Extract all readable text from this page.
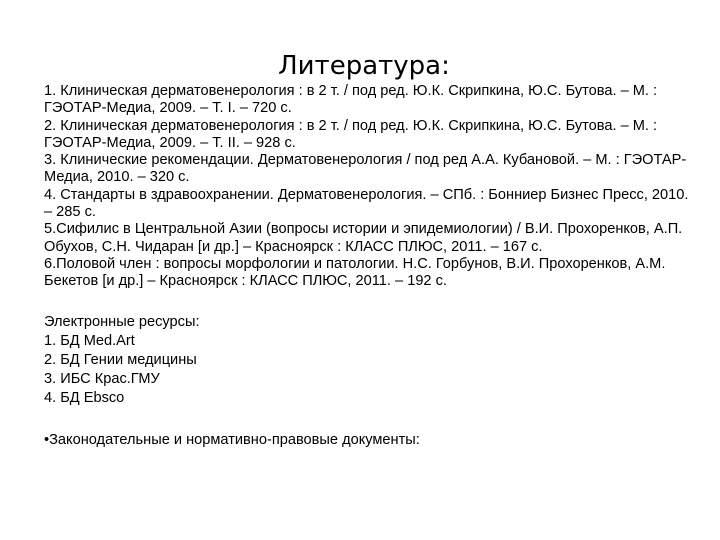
Литература:

1. Клиническая дерматовенерология : в 2 т. / под ред. Ю.К. Скрипкина, Ю.С. Бутова. – М. : ГЭОТАР-Медиа, 2009. – Т. I. – 720 с.

2. Клиническая дерматовенерология : в 2 т. / под ред. Ю.К. Скрипкина, Ю.С. Бутова. – М. : ГЭОТАР-Медиа, 2009. – Т. II. – 928 с.

3. Клинические рекомендации. Дерматовенерология / под ред А.А. Кубановой. – М. : ГЭОТАР-Медиа, 2010. – 320 с.

4. Стандарты в здравоохранении. Дерматовенерология. – СПб. : Бонниер Бизнес Пресс, 2010. – 285 с.

5.Сифилис в Центральной Азии (вопросы истории и эпидемиологии) / В.И. Прохоренков, А.П. Обухов, С.Н. Чидаран [и др.] – Красноярск : КЛАСС ПЛЮС, 2011. – 167 с.

6.Половой член : вопросы морфологии и патологии. Н.С. Горбунов, В.И. Прохоренков, А.М. Бекетов [и др.] – Красноярск : КЛАСС ПЛЮС, 2011. – 192 с.

Электронные ресурсы:

1. БД Med.Art

2. БД Гении медицины

3. ИБС Крас.ГМУ

4. БД Ebsco

•Законодательные и нормативно-правовые документы:
